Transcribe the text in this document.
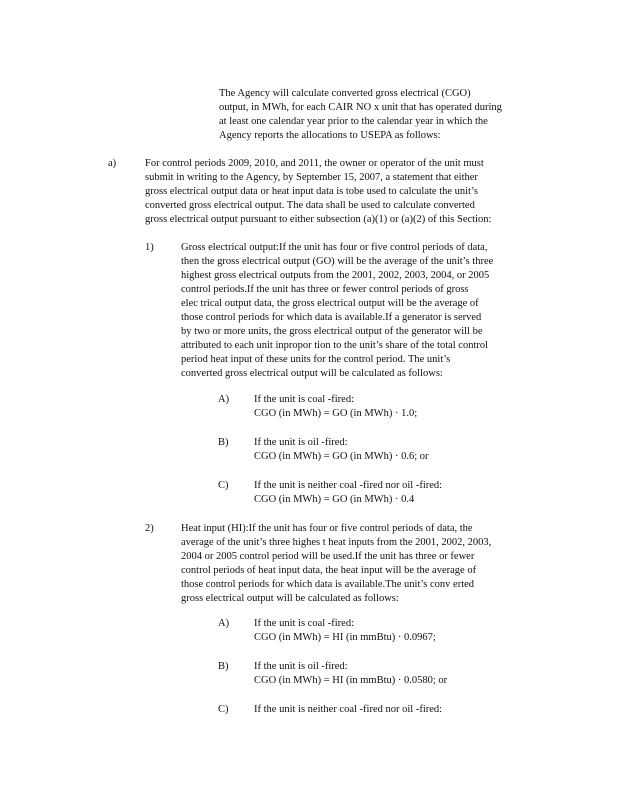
The Agency will calculate converted gross electrical (CGO)
output, in MWh, for each CAIR NO x unit that has operated during
at least one calendar year prior to the calendar year in which the
Agency reports the allocations to USEPA as follows:
a)	For control periods 2009, 2010, and 2011, the owner or operator of the unit must
submit in writing to the Agency, by September 15, 2007, a statement that either
gross electrical output data or heat input data is tobe used to calculate the unit’s
converted gross electrical output. The data shall be used to calculate converted
gross electrical output pursuant to either subsection (a)(1) or (a)(2) of this Section:
1)	Gross electrical output:If the unit has four or five control periods of data,
then the gross electrical output (GO) will be the average of the unit’s three
highest gross electrical outputs from the 2001, 2002, 2003, 2004, or 2005
control periods.If the unit has three or fewer control periods of gross
elec trical output data, the gross electrical output will be the average of
those control periods for which data is available.If a generator is served
by two or more units, the gross electrical output of the generator will be
attributed to each unit inpropor tion to the unit’s share of the total control
period heat input of these units for the control period. The unit’s
converted gross electrical output will be calculated as follows:
A) If the unit is coal -fired:
CGO (in MWh) = GO (in MWh) · 1.0;
B) If the unit is oil -fired:
CGO (in MWh) = GO (in MWh) · 0.6; or
C) If the unit is neither coal -fired nor oil -fired:
CGO (in MWh) = GO (in MWh) · 0.4
2)	Heat input (HI):If the unit has four or five control periods of data, the
average of the unit’s three highes t heat inputs from the 2001, 2002, 2003,
2004 or 2005 control period will be used.If the unit has three or fewer
control periods of heat input data, the heat input will be the average of
those control periods for which data is available.The unit’s conv erted
gross electrical output will be calculated as follows:
A) If the unit is coal -fired:
CGO (in MWh) = HI (in mmBtu) · 0.0967;
B) If the unit is oil -fired:
CGO (in MWh) = HI (in mmBtu) · 0.0580; or
C) If the unit is neither coal -fired nor oil -fired:
